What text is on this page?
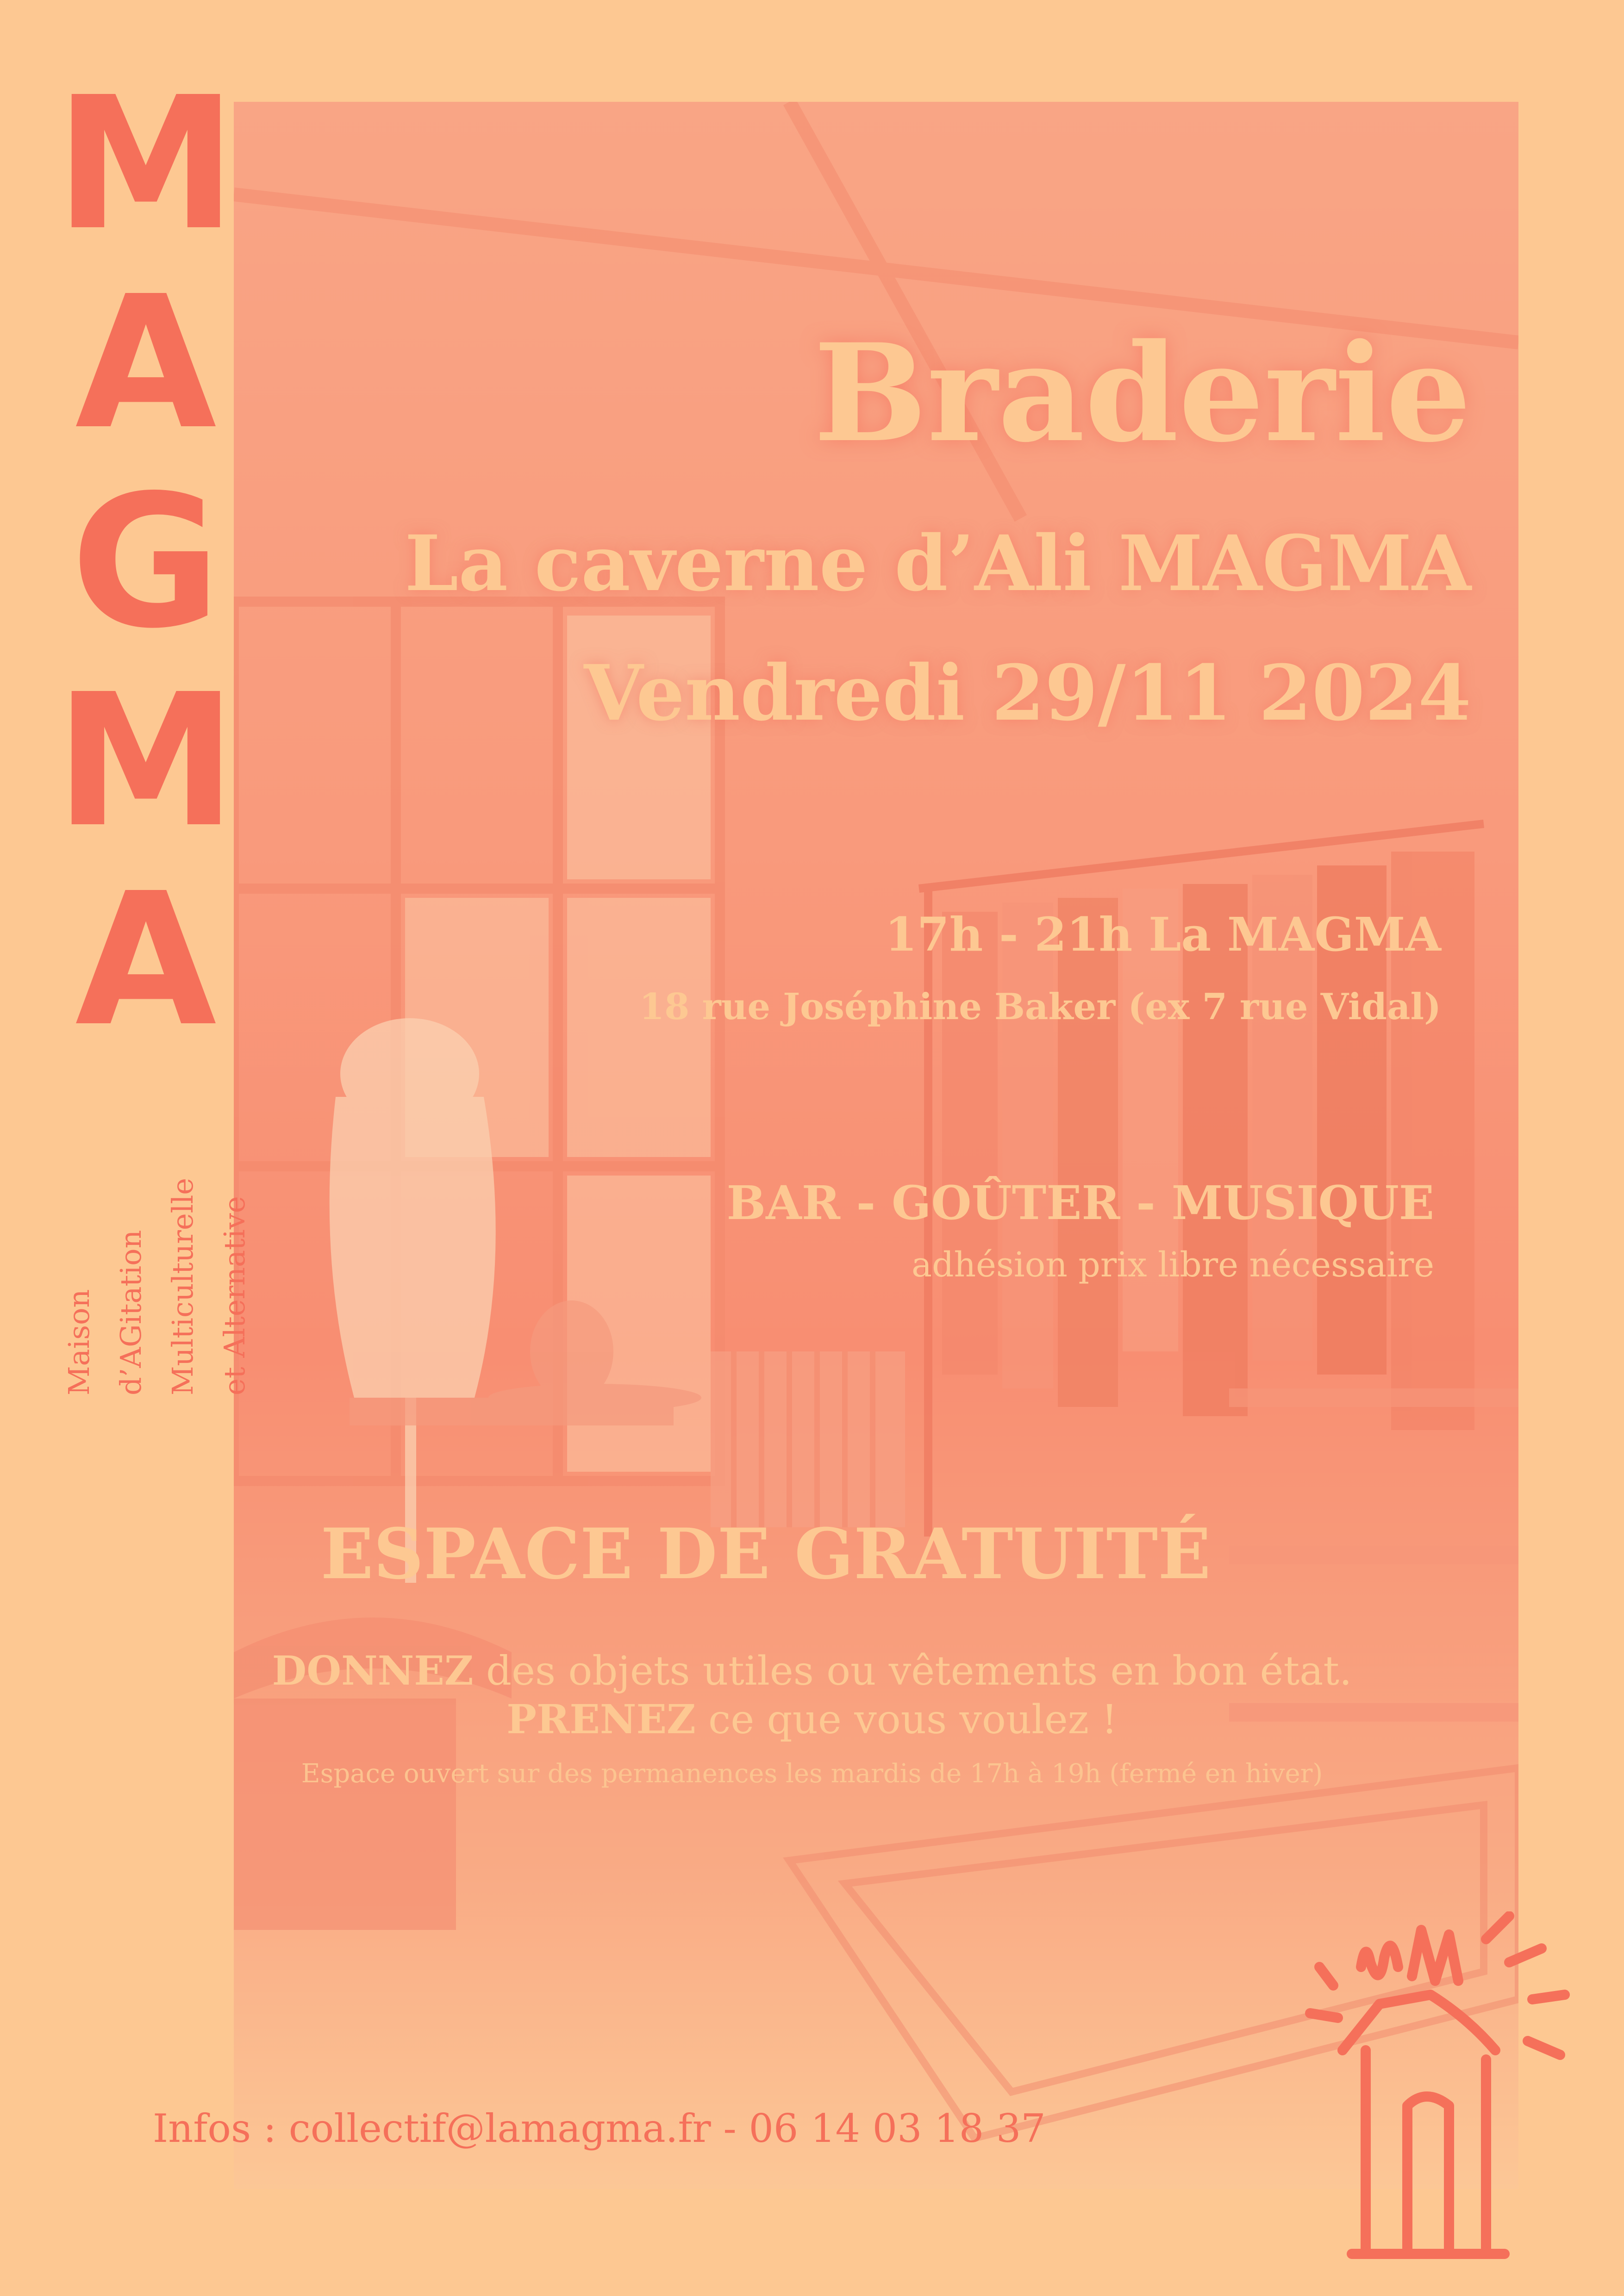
M
A
G
M
A
Maison d’AGitation Multiculturelle et Alternative
Braderie
La caverne d’Ali MAGMA
Vendredi 29/11 2024
17h - 21h La MAGMA
18 rue Joséphine Baker (ex 7 rue Vidal)
BAR - GOÛTER - MUSIQUE
adhésion prix libre nécessaire
ESPACE DE GRATUITÉ
DONNEZ des objets utiles ou vêtements en bon état.
PRENEZ ce que vous voulez !
Espace ouvert sur des permanences les mardis de 17h à 19h (fermé en hiver)
Infos : collectif@lamagma.fr - 06 14 03 18 37
